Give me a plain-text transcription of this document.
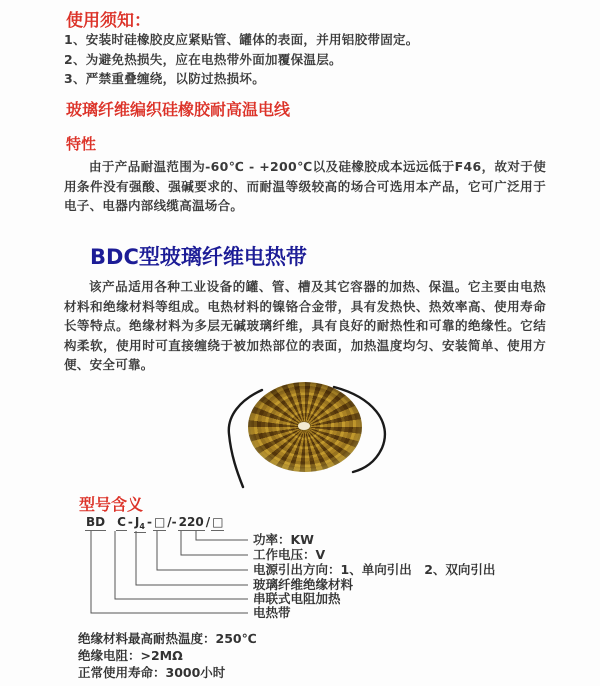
使用须知：
1、安装时硅橡胶皮应紧贴管、罐体的表面，并用铝胶带固定。
2、为避免热损失，应在电热带外面加覆保温层。
3、严禁重叠缠绕，以防过热损坏。
玻璃纤维编织硅橡胶耐高温电线
特性
由于产品耐温范围为-60℃ - +200℃以及硅橡胶成本远远低于F46，故对于使用条件没有强酸、强碱要求的、而耐温等级较高的场合可选用本产品，它可广泛用于电子、电器内部线缆高温场合。
BDC型玻璃纤维电热带
该产品适用各种工业设备的罐、管、槽及其它容器的加热、保温。它主要由电热材料和绝缘材料等组成。电热材料的镍铬合金带，具有发热快、热效率高、使用寿命长等特点。绝缘材料为多层无碱玻璃纤维，具有良好的耐热性和可靠的绝缘性。它结构柔软，使用时可直接缠绕于被加热部位的表面，加热温度均匀、安装简单、使用方便、安全可靠。
型号含义
BD C - $J_4$ - □ /- 220 / □
功率：KW
工作电压：V
电源引出方向：1、单向引出　2、双向引出
玻璃纤维绝缘材料
串联式电阻加热
电热带
绝缘材料最高耐热温度：250℃
绝缘电阻：>2MΩ
正常使用寿命：3000小时
